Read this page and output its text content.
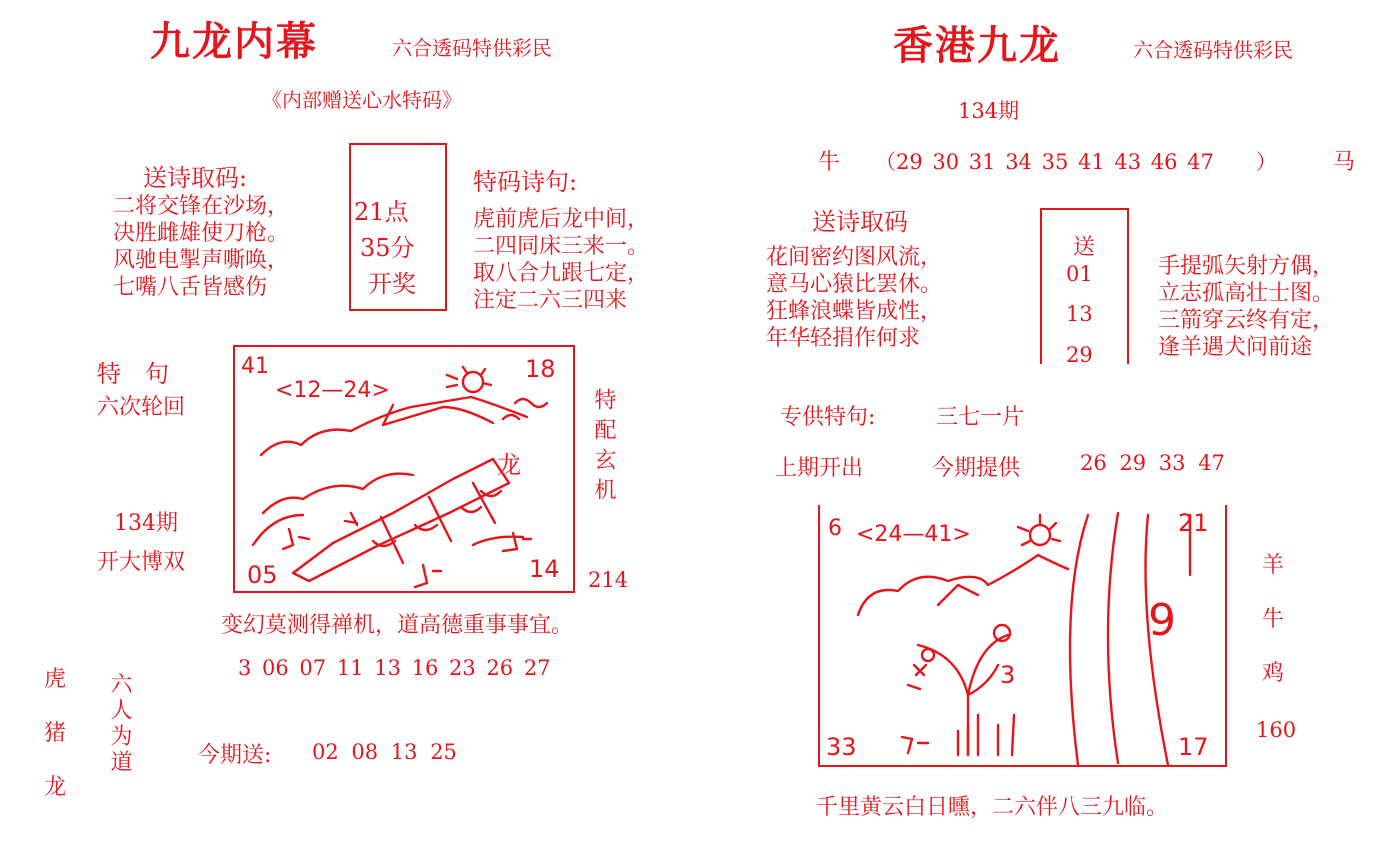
九龙内幕	六合透码特供彩民
《内部赠送心水特码》
送诗取码:
二将交锋在沙场，
决胜雌雄使刀枪。
风驰电掣声嘶唤，
七嘴八舌皆感伤
21点
35分
开奖
特码诗句:
虎前虎后龙中间，
二四同床三来一。
取八合九跟七定，
注定二六三四来
特　句
六次轮回
134期
开大博双
41	18
05	14
<12—24>
龙	特配玄机
214
变幻莫测得禅机，道高德重事事宜。
3 06 07 11 13 16 23 26 27
虎
猪
龙
六人为道	今期送: 02 08 13 25
香港九龙	六合透码特供彩民
134期
牛 （29 30 31 34 35 41 43 46 47　　）	马
送诗取码
花间密约图风流，
意马心猿比罢休。
狂蜂浪蝶皆成性，
年华轻捐作何求
送
01
13
29
手提弧矢射方偶，
立志孤高壮士图。
三箭穿云终有定，
逢羊遇犬问前途
专供特句:	三七一片
上期开出	今期提供	26 29 33 47
6	21
33	17
<24—41>
9
3
羊
牛
鸡
160
千里黄云白日曛，二六伴八三九临。
